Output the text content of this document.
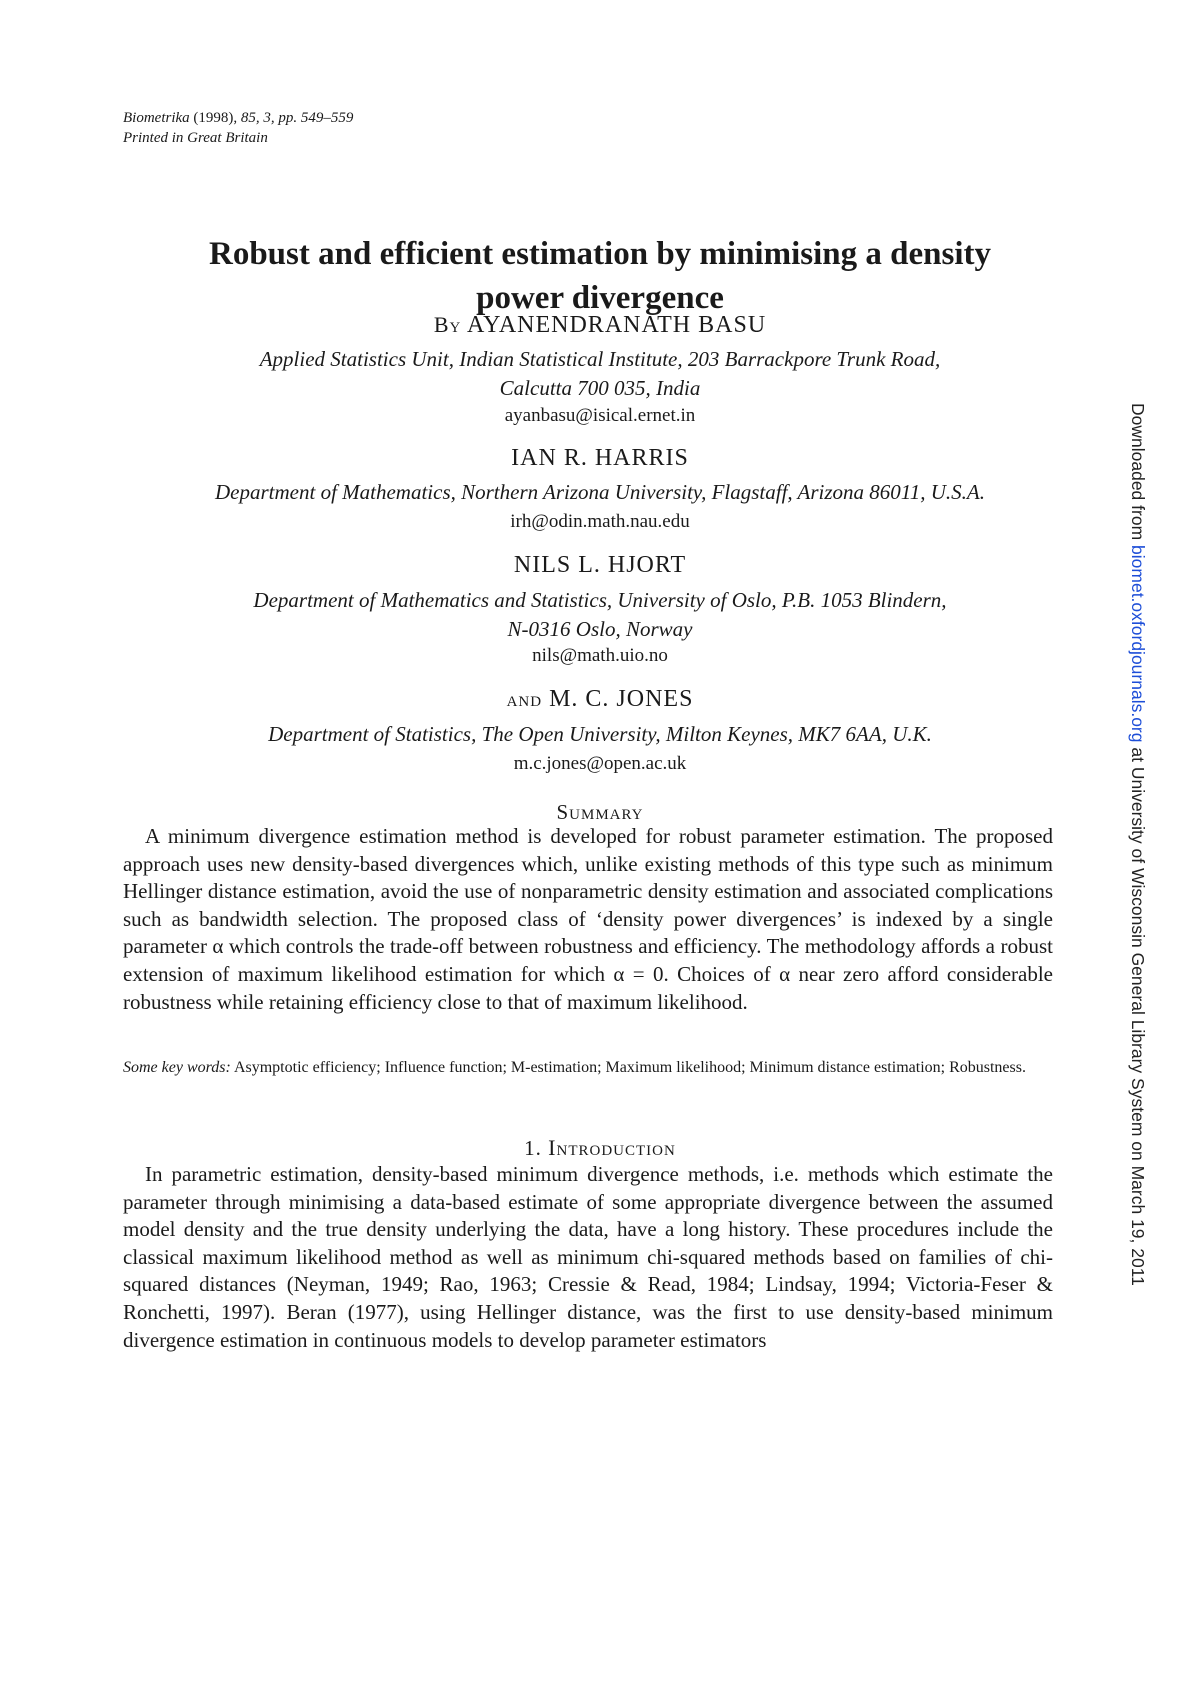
Biometrika (1998), 85, 3, pp. 549–559
Printed in Great Britain
Robust and efficient estimation by minimising a density
power divergence
By AYANENDRANATH BASU
Applied Statistics Unit, Indian Statistical Institute, 203 Barrackpore Trunk Road,
Calcutta 700 035, India
ayanbasu@isical.ernet.in
IAN R. HARRIS
Department of Mathematics, Northern Arizona University, Flagstaff, Arizona 86011, U.S.A.
irh@odin.math.nau.edu
NILS L. HJORT
Department of Mathematics and Statistics, University of Oslo, P.B. 1053 Blindern,
N-0316 Oslo, Norway
nils@math.uio.no
and M. C. JONES
Department of Statistics, The Open University, Milton Keynes, MK7 6AA, U.K.
m.c.jones@open.ac.uk
Summary

A minimum divergence estimation method is developed for robust parameter estimation. The proposed approach uses new density-based divergences which, unlike existing methods of this type such as minimum Hellinger distance estimation, avoid the use of nonparametric density estimation and associated complications such as bandwidth selection. The proposed class of ‘density power divergences’ is indexed by a single parameter α which controls the trade-off between robustness and efficiency. The methodology affords a robust extension of maximum likelihood estimation for which α = 0. Choices of α near zero afford considerable robustness while retaining efficiency close to that of maximum likelihood.

Some key words: Asymptotic efficiency; Influence function; M-estimation; Maximum likelihood; Minimum distance estimation; Robustness.

1. Introduction

In parametric estimation, density-based minimum divergence methods, i.e. methods which estimate the parameter through minimising a data-based estimate of some appropriate divergence between the assumed model density and the true density underlying the data, have a long history. These procedures include the classical maximum likelihood method as well as minimum chi-squared methods based on families of chi-squared distances (Neyman, 1949; Rao, 1963; Cressie & Read, 1984; Lindsay, 1994; Victoria-Feser & Ronchetti, 1997). Beran (1977), using Hellinger distance, was the first to use density-based minimum divergence estimation in continuous models to develop parameter estimators

Downloaded from biomet.oxfordjournals.org at University of Wisconsin General Library System on March 19, 2011
